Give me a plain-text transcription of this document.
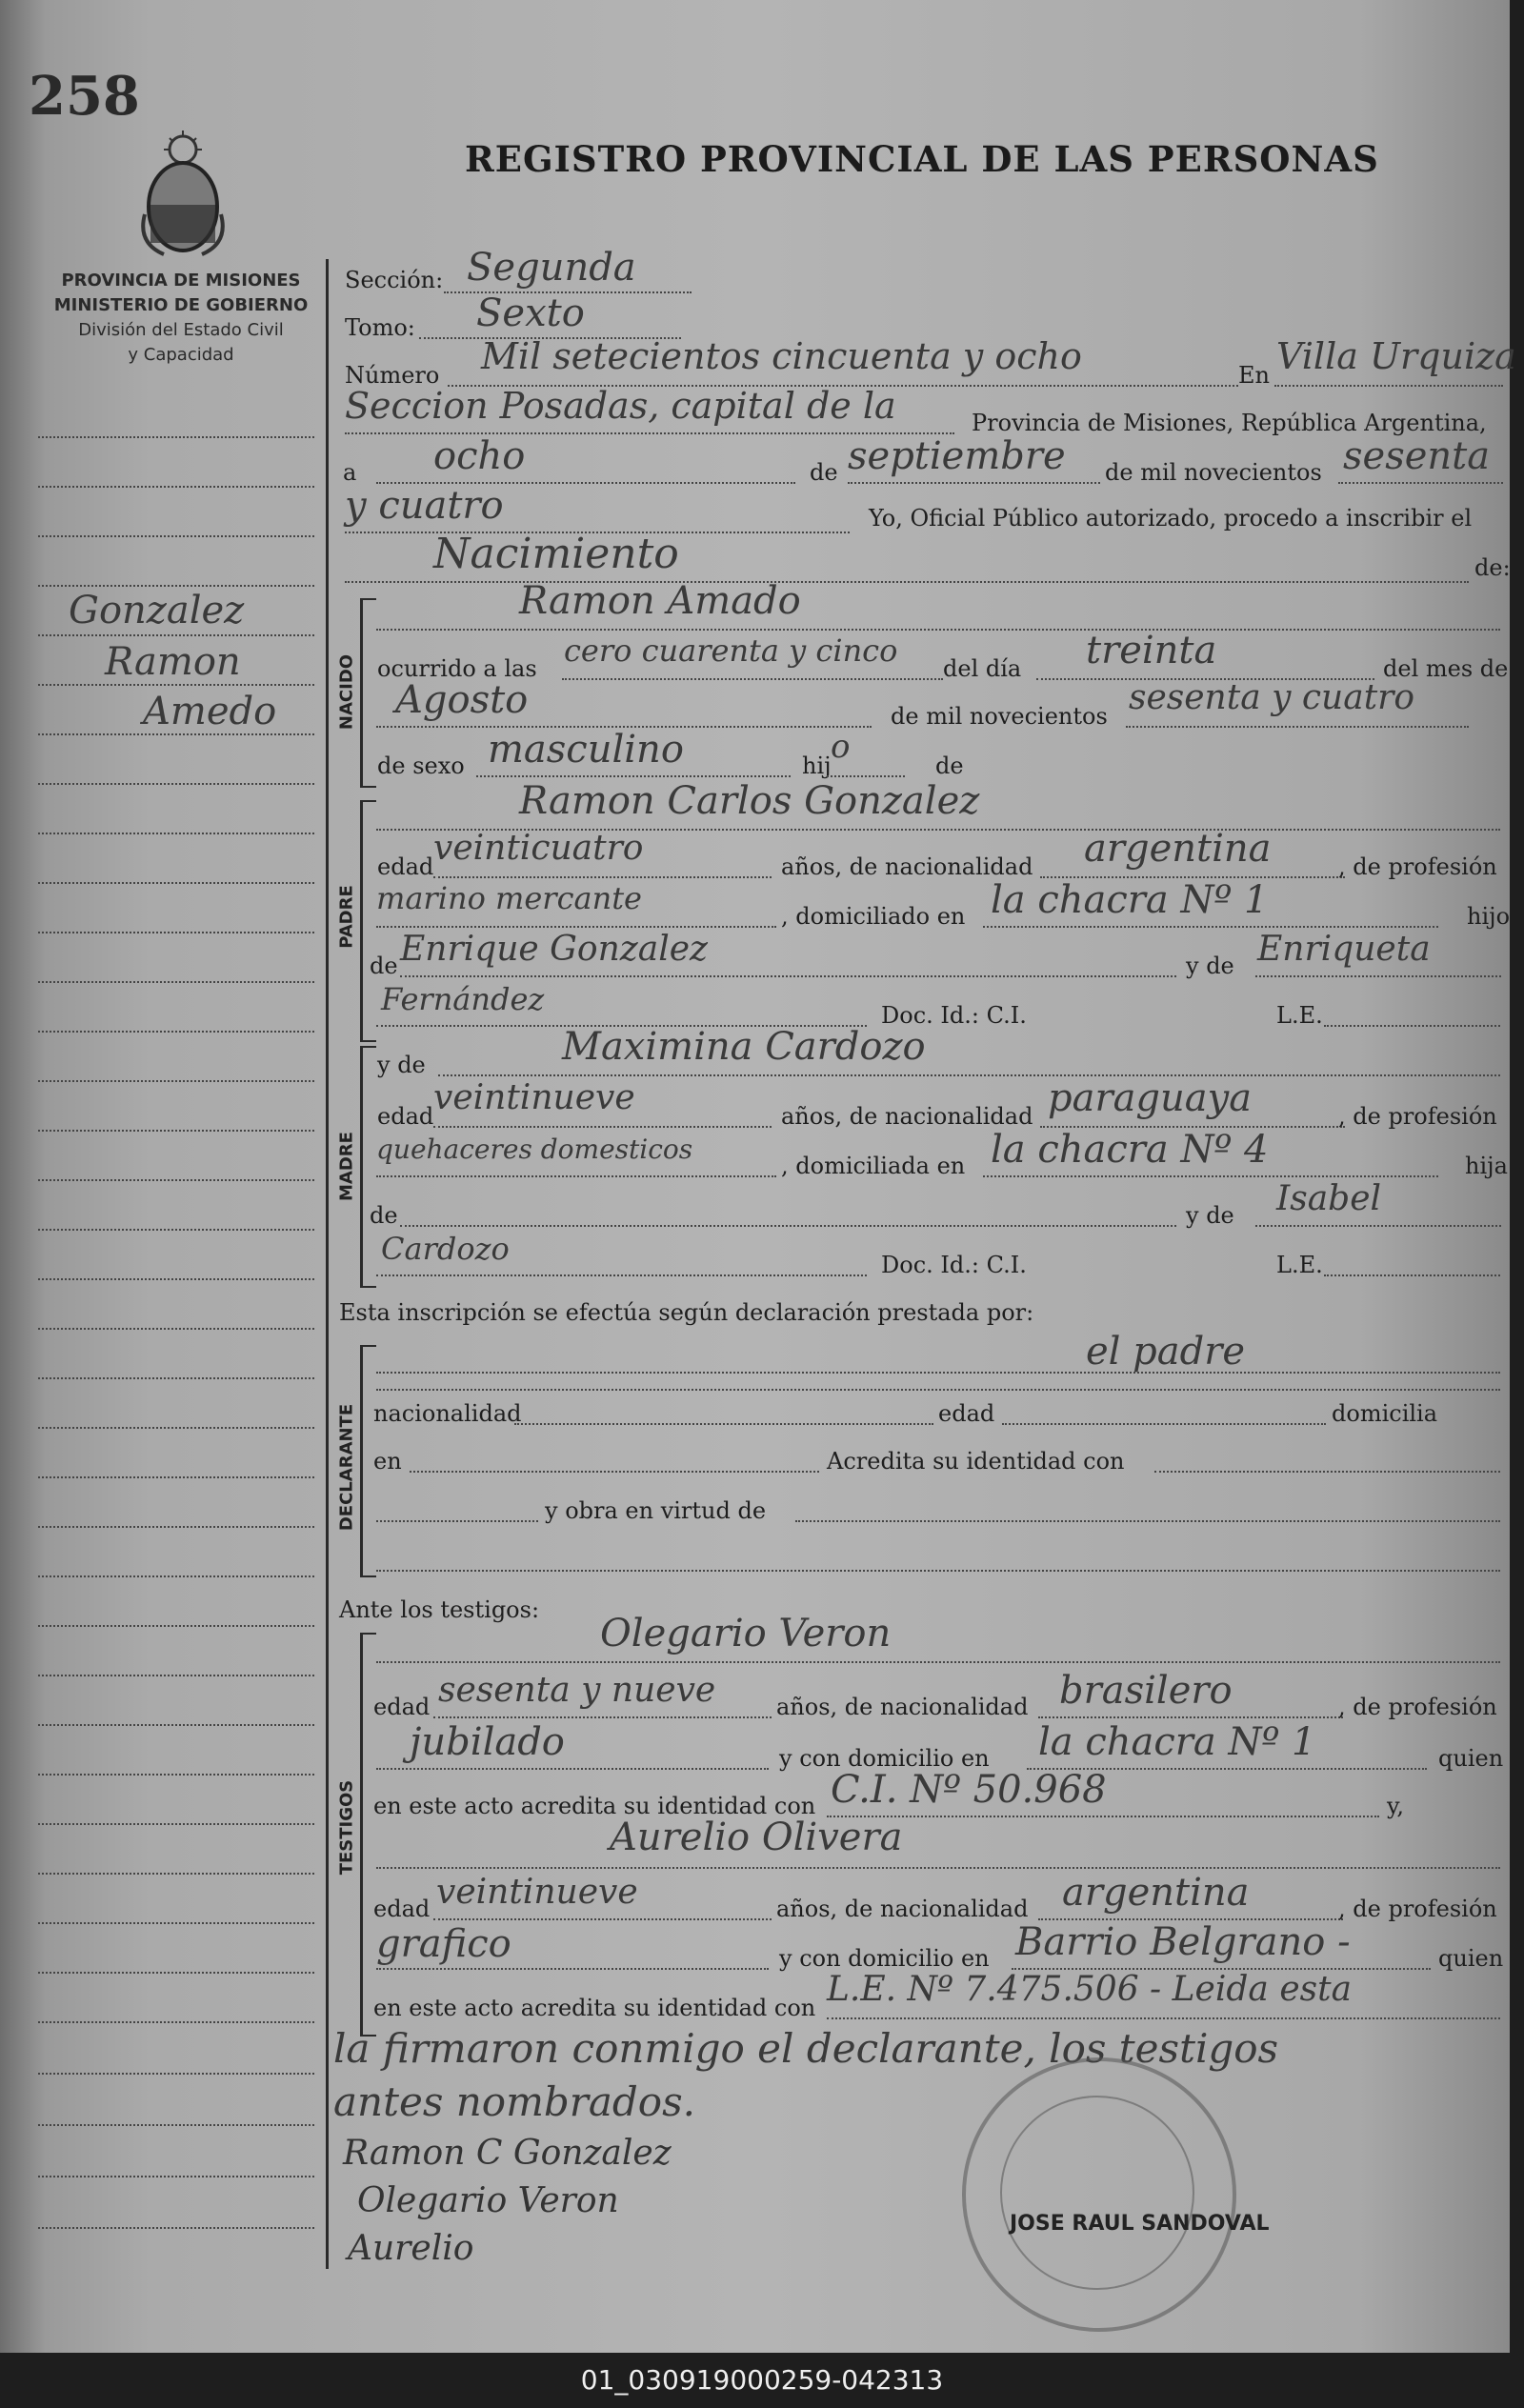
258
REGISTRO PROVINCIAL DE LAS PERSONAS
PROVINCIA DE MISIONES
MINISTERIO DE GOBIERNO
División del Estado Civil
y Capacidad
Gonzalez
Ramon
Amedo
Sección: Segunda
Tomo: Sexto
Número Mil setecientos cincuenta y ocho	En Villa Urquiza
Seccion Posadas, capital de la	Provincia de Misiones, República Argentina,
a ocho	de septiembre de mil novecientos sesenta
y cuatro	Yo, Oficial Público autorizado, procedo a inscribir el
Nacimiento	de:
NACIDO
Ramon Amado
ocurrido a las cero cuarenta y cinco del día treinta	del mes de
Agosto	de mil novecientos sesenta y cuatro
de sexo masculino	hij o	de
PADRE
Ramon Carlos Gonzalez
edad veinticuatro	años, de nacionalidad argentina	, de profesión
marino mercante	, domiciliado en la chacra Nº 1	hijo
de Enrique Gonzalez	y de Enriqueta
Fernández	Doc. Id.: C.I.	L.E.
MADRE
y de	Maximina Cardozo
edad veintinueve	años, de nacionalidad paraguaya	, de profesión
quehaceres domesticos
, domiciliada en la chacra Nº 4	hija
de	y de Isabel
Cardozo	Doc. Id.: C.I.	L.E.
Esta inscripción se efectúa según declaración prestada por:
DECLARANTE
el padre
nacionalidad	edad	domicilia
en	Acredita su identidad con
y obra en virtud de
Ante los testigos:
TESTIGOS
Olegario Veron
edad sesenta y nueve	años, de nacionalidad brasilero	, de profesión
jubilado	y con domicilio en la chacra Nº 1	quien
en este acto acredita su identidad con C.I. Nº 50.968	y,
Aurelio Olivera
edad veintinueve	años, de nacionalidad argentina	, de profesión
grafico	y con domicilio en Barrio Belgrano -	quien
en este acto acredita su identidad con L.E. Nº 7.475.506 - Leida esta
la firmaron conmigo el declarante, los testigos
antes nombrados.
Ramon C Gonzalez
Olegario Veron
Aurelio
JOSE RAUL SANDOVAL
01_030919000259-042313
